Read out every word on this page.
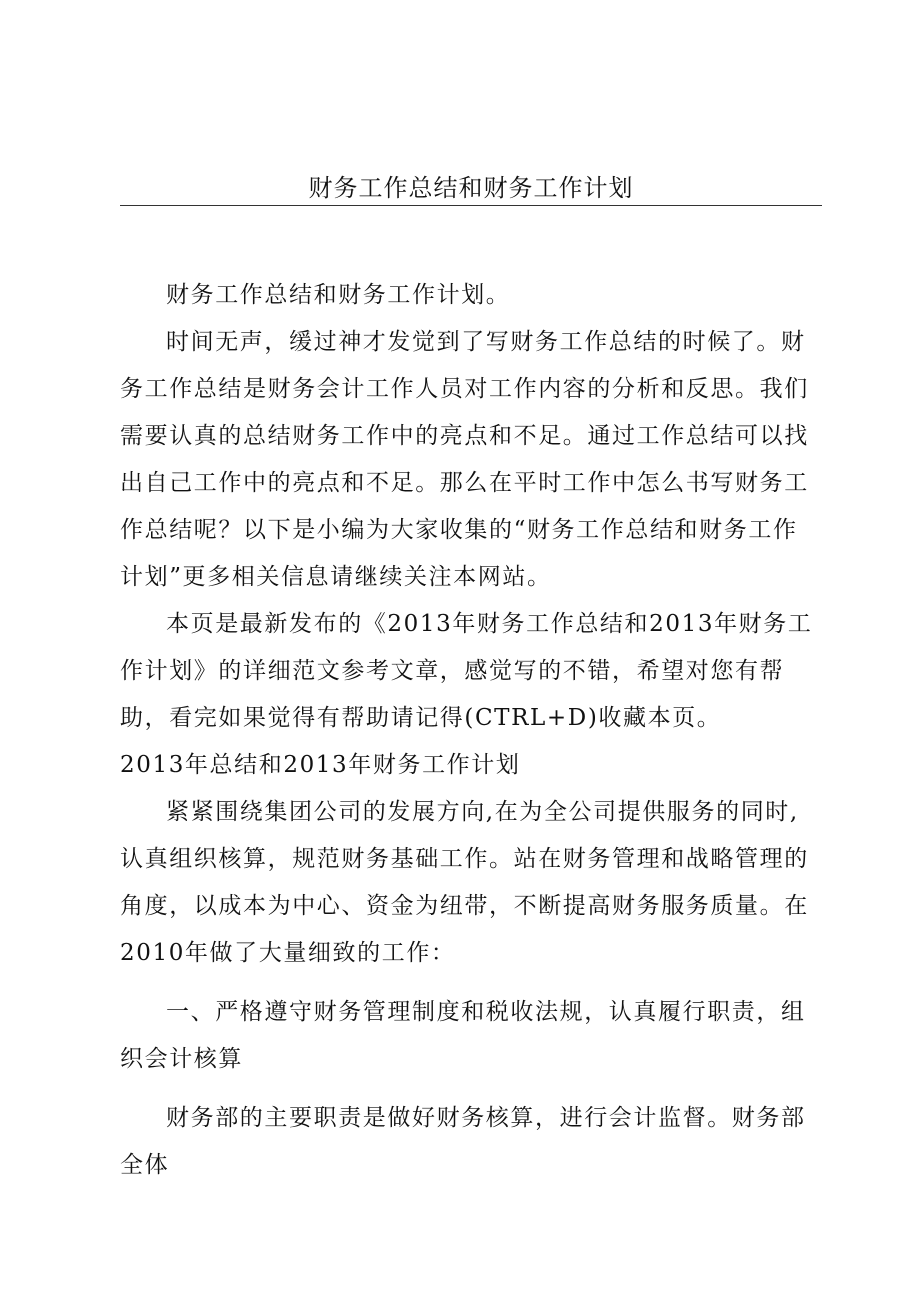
财务工作总结和财务工作计划

财务工作总结和财务工作计划。

时间无声，缓过神才发觉到了写财务工作总结的时候了。财务工作总结是财务会计工作人员对工作内容的分析和反思。我们需要认真的总结财务工作中的亮点和不足。通过工作总结可以找出自己工作中的亮点和不足。那么在平时工作中怎么书写财务工作总结呢？以下是小编为大家收集的“财务工作总结和财务工作计划”更多相关信息请继续关注本网站。

本页是最新发布的《2013年财务工作总结和2013年财务工作计划》的详细范文参考文章，感觉写的不错，希望对您有帮助，看完如果觉得有帮助请记得(CTRL+D)收藏本页。

2013年总结和2013年财务工作计划

紧紧围绕集团公司的发展方向,在为全公司提供服务的同时,认真组织核算，规范财务基础工作。站在财务管理和战略管理的角度，以成本为中心、资金为纽带，不断提高财务服务质量。在2010年做了大量细致的工作：

一、严格遵守财务管理制度和税收法规，认真履行职责，组织会计核算

财务部的主要职责是做好财务核算，进行会计监督。财务部全体
